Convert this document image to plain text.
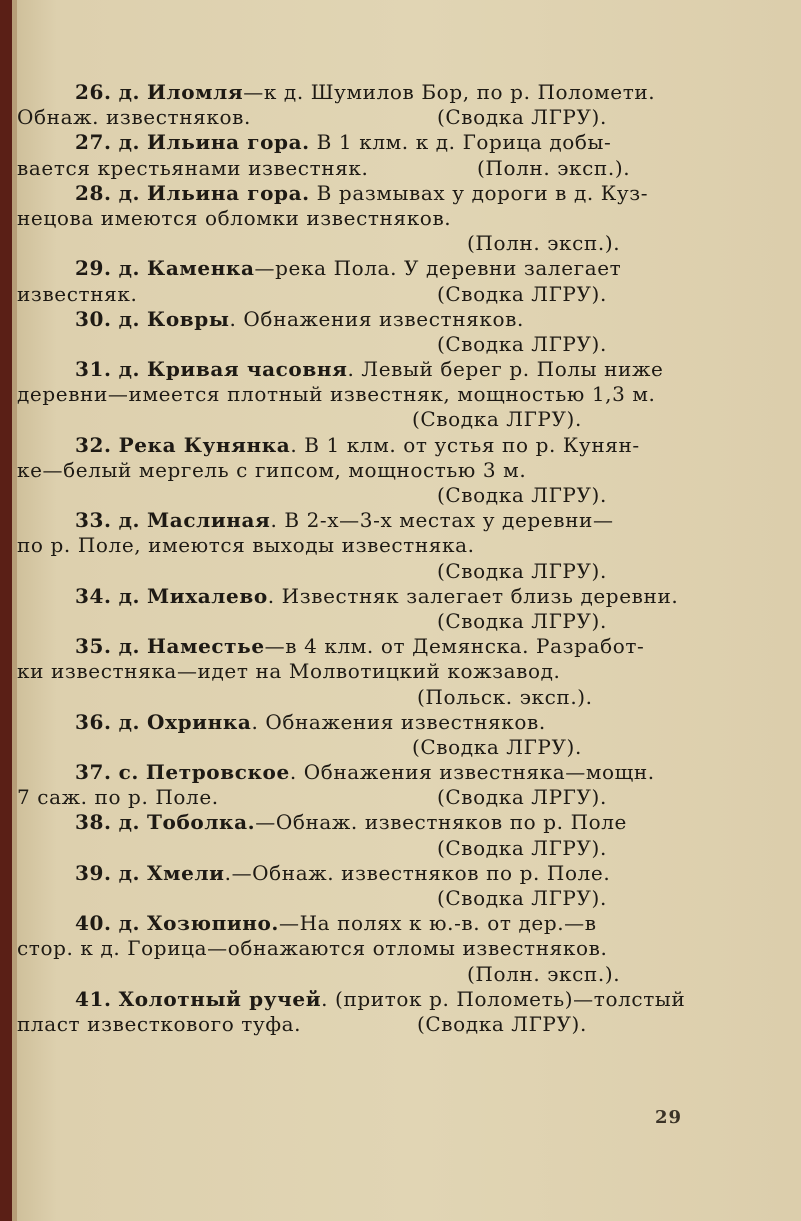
26. д. Иломля—к д. Шумилов Бор, по р. Поломети.
Обнаж. известняков.	(Сводка ЛГРУ).
27. д. Ильина гора. В 1 клм. к д. Горица добы-
вается крестьянами известняк.	(Полн. эксп.).
28. д. Ильина гора. В размывах у дороги в д. Куз-
нецова имеются обломки известняков.
(Полн. эксп.).
29. д. Каменка—река Пола. У деревни залегает
известняк.	(Сводка ЛГРУ).
30. д. Ковры. Обнажения известняков.
(Сводка ЛГРУ).
31. д. Кривая часовня. Левый берег р. Полы ниже
деревни—имеется плотный известняк, мощностью 1,3 м.
(Сводка ЛГРУ).
32. Река Кунянка. В 1 клм. от устья по р. Кунян-
ке—белый мергель с гипсом, мощностью 3 м.
(Сводка ЛГРУ).
33. д. Маслиная. В 2-х—3-х местах у деревни—
по р. Поле, имеются выходы известняка.
(Сводка ЛГРУ).
34. д. Михалево. Известняк залегает близь деревни.
(Сводка ЛГРУ).
35. д. Наместье—в 4 клм. от Демянска. Разработ-
ки известняка—идет на Молвотицкий кожзавод.
(Польск. эксп.).
36. д. Охринка. Обнажения известняков.
(Сводка ЛГРУ).
37. с. Петровское. Обнажения известняка—мощн.
7 саж. по р. Поле.	(Сводка ЛРГУ).
38. д. Тоболка.—Обнаж. известняков по р. Поле
(Сводка ЛГРУ).
39. д. Хмели.—Обнаж. известняков по р. Поле.
(Сводка ЛГРУ).
40. д. Хозюпино.—На полях к ю.-в. от дер.—в
стор. к д. Горица—обнажаются отломы известняков.
(Полн. эксп.).
41. Холотный ручей. (приток р. Полометь)—толстый
пласт известкового туфа.	(Сводка ЛГРУ).
29
